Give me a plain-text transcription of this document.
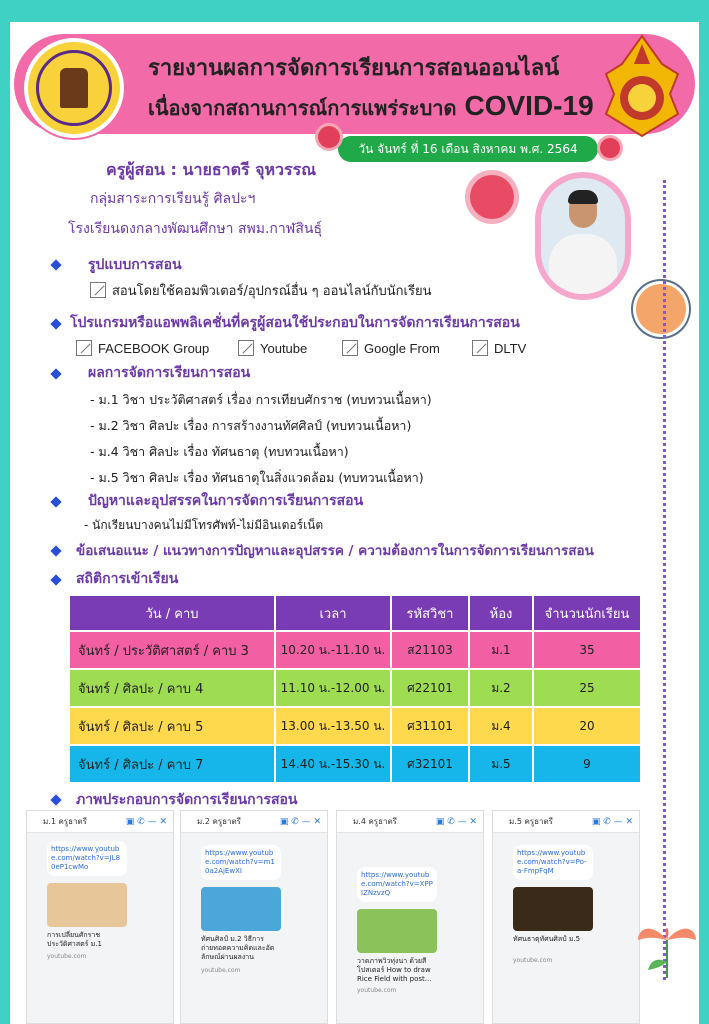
รายงานผลการจัดการเรียนการสอนออนไลน์
เนื่องจากสถานการณ์การแพร่ระบาด COVID-19
วัน จันทร์ ที่ 16 เดือน สิงหาคม พ.ศ. 2564
ครูผู้สอน : นายธาตรี จุหวรรณ
กลุ่มสาระการเรียนรู้ ศิลปะฯ
โรงเรียนดงกลางพัฒนศึกษา สพม.กาฬสินธุ์
รูปแบบการสอน
สอนโดยใช้คอมพิวเตอร์/อุปกรณ์อื่น ๆ ออนไลน์กับนักเรียน
โปรแกรมหรือแอพพลิเคชั่นที่ครูผู้สอนใช้ประกอบในการจัดการเรียนการสอน
FACEBOOK Group	Youtube	Google From	DLTV
ผลการจัดการเรียนการสอน
- ม.1 วิชา ประวัติศาสตร์ เรื่อง การเทียบศักราช (ทบทวนเนื้อหา)
- ม.2 วิชา ศิลปะ เรื่อง การสร้างงานทัศศิลป์ (ทบทวนเนื้อหา)
- ม.4 วิชา ศิลปะ เรื่อง ทัศนธาตุ (ทบทวนเนื้อหา)
- ม.5 วิชา ศิลปะ เรื่อง ทัศนธาตุในสิ่งแวดล้อม (ทบทวนเนื้อหา)
ปัญหาและอุปสรรคในการจัดการเรียนการสอน
- นักเรียนบางคนไม่มีโทรศัพท์-ไม่มีอินเตอร์เน็ต
ข้อเสนอแนะ / แนวทางการปัญหาและอุปสรรค / ความต้องการในการจัดการเรียนการสอน
สถิติการเข้าเรียน
วัน / คาบ	เวลา	รหัสวิชา	ห้อง	จำนวนนักเรียน
จันทร์ / ประวัติศาสตร์ / คาบ 3	10.20 น.-11.10 น.	ส21103	ม.1	35
จันทร์ / ศิลปะ / คาบ 4	11.10 น.-12.00 น.	ศ22101	ม.2	25
จันทร์ / ศิลปะ / คาบ 5	13.00 น.-13.50 น.	ศ31101	ม.4	20
จันทร์ / ศิลปะ / คาบ 7	14.40 น.-15.30 น.	ศ32101	ม.5	9
ภาพประกอบการจัดการเรียนการสอน
ม.1 ครูธาตรี	▣ ✆ — ✕
https://www.youtube.com/watch?v=JL80eP1cwMo
การเปลี่ยนศักราชประวัติศาสตร์ ม.1
youtube.com
ม.2 ครูธาตรี	▣ ✆ — ✕
https://www.youtube.com/watch?v=m10a2AjEwXI
ทัศนศิลป์ ม.2 วิธีการถ่ายทอดความคิดและอัตลักษณ์ผ่านผลงาน
youtube.com
ม.4 ครูธาตรี	▣ ✆ — ✕
https://www.youtube.com/watch?v=XPPIZNzvzQ
วาดภาพวิวทุ่งนา ด้วยสีโปสเตอร์ How to draw Rice Field with post...
youtube.com
ม.5 ครูธาตรี	▣ ✆ — ✕
https://www.youtube.com/watch?v=Po-a-FmpFqM
ทัศนธาตุทัศนศิลป์ ม.5
youtube.com
